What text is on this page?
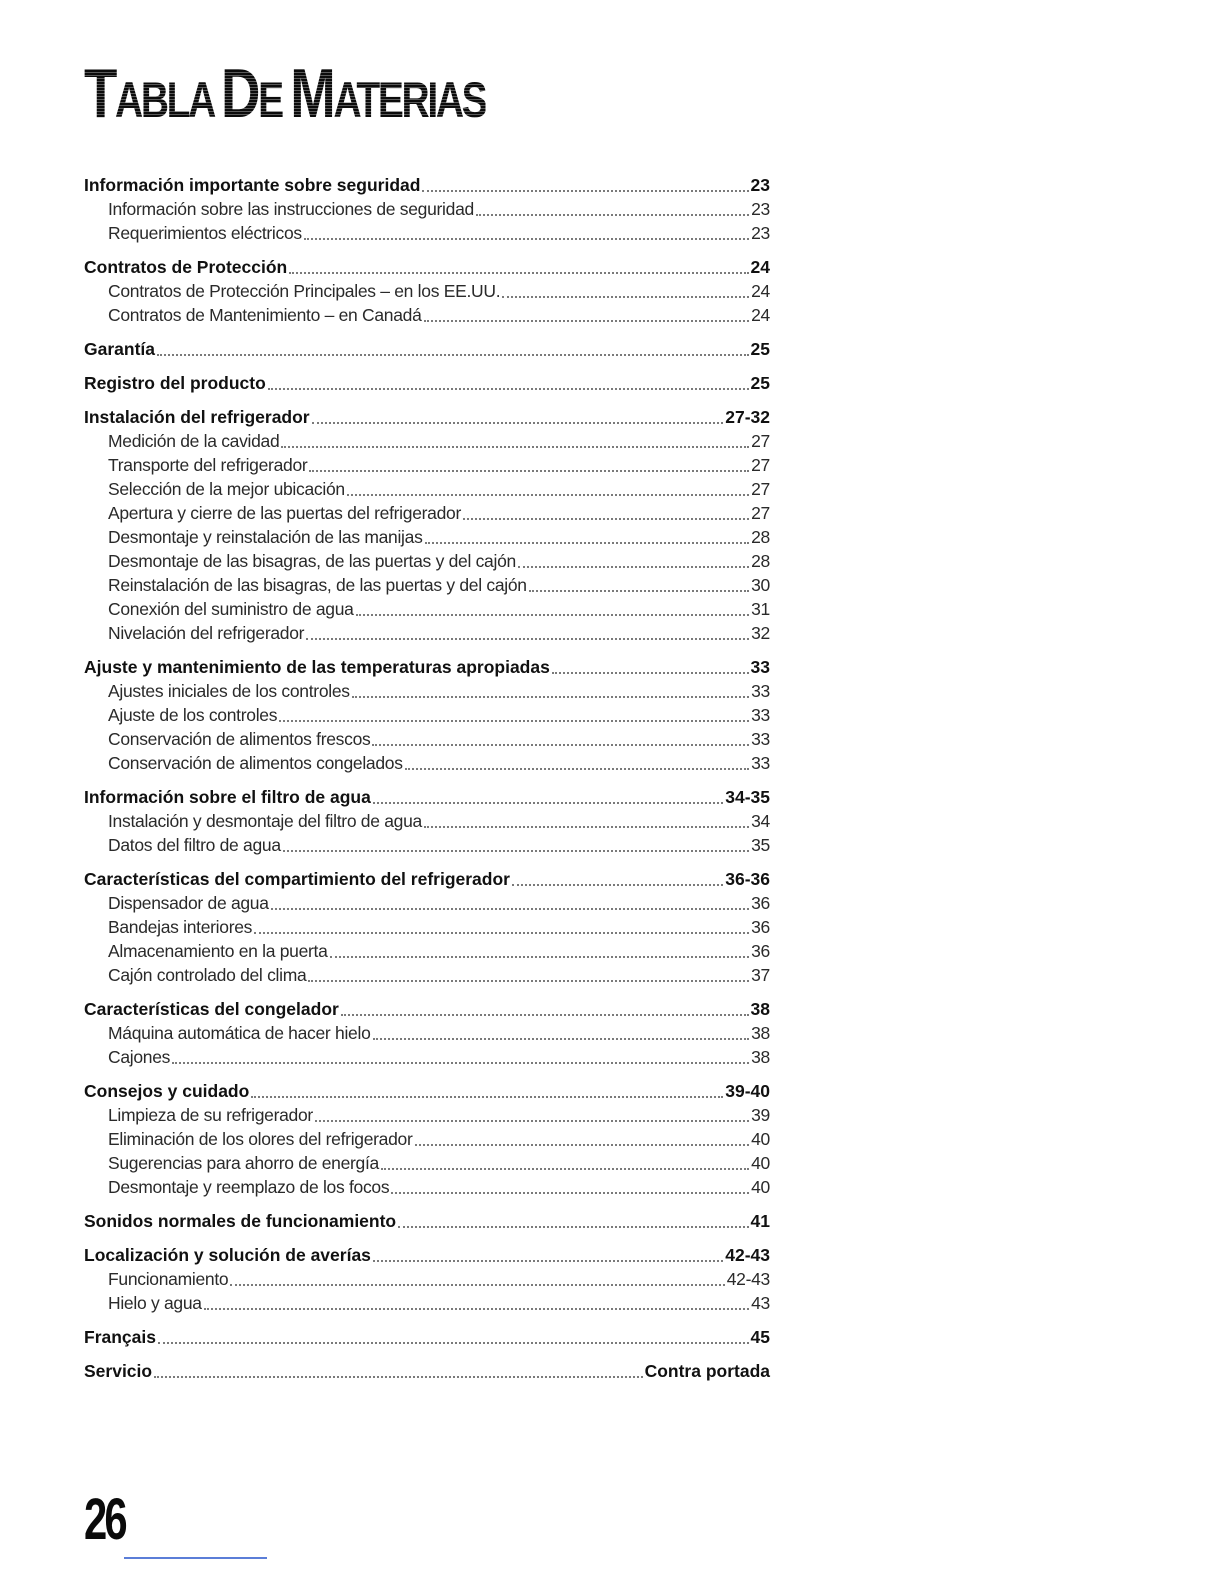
TABLA DE MATERIAS
Información importante sobre seguridad	23
Información sobre las instrucciones de seguridad	23
Requerimientos eléctricos	23
Contratos de Protección	24
Contratos de Protección Principales – en los EE.UU.	24
Contratos de Mantenimiento – en Canadá	24
Garantía	25
Registro del producto	25
Instalación del refrigerador	27-32
Medición de la cavidad	27
Transporte del refrigerador	27
Selección de la mejor ubicación	27
Apertura y cierre de las puertas del refrigerador	27
Desmontaje y reinstalación de las manijas	28
Desmontaje de las bisagras, de las puertas y del cajón	28
Reinstalación de las bisagras, de las puertas y del cajón	30
Conexión del suministro de agua	31
Nivelación del refrigerador	32
Ajuste y mantenimiento de las temperaturas apropiadas	33
Ajustes iniciales de los controles	33
Ajuste de los controles	33
Conservación de alimentos frescos	33
Conservación de alimentos congelados	33
Información sobre el filtro de agua	34-35
Instalación y desmontaje del filtro de agua	34
Datos del filtro de agua	35
Características del compartimiento del refrigerador	36-36
Dispensador de agua	36
Bandejas interiores	36
Almacenamiento en la puerta	36
Cajón controlado del clima	37
Características del congelador	38
Máquina automática de hacer hielo	38
Cajones	38
Consejos y cuidado	39-40
Limpieza de su refrigerador	39
Eliminación de los olores del refrigerador	40
Sugerencias para ahorro de energía	40
Desmontaje y reemplazo de los focos	40
Sonidos normales de funcionamiento	41
Localización y solución de averías	42-43
Funcionamiento	42-43
Hielo y agua	43
Français	45
Servicio	Contra portada
26
